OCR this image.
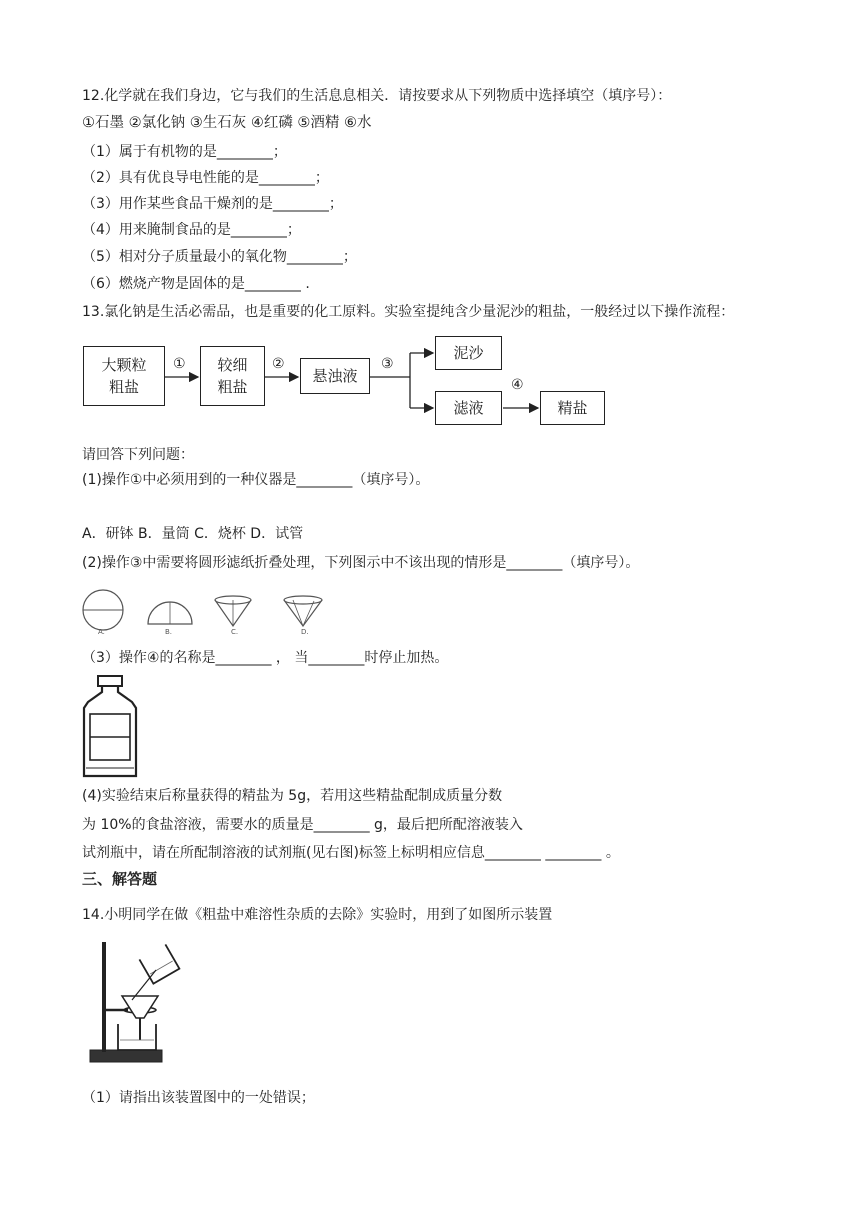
12.化学就在我们身边，它与我们的生活息息相关．请按要求从下列物质中选择填空（填序号）：
①石墨 ②氯化钠 ③生石灰 ④红磷 ⑤酒精 ⑥水
（1）属于有机物的是________；
（2）具有优良导电性能的是________；
（3）用作某些食品干燥剂的是________；
（4）用来腌制食品的是________；
（5）相对分子质量最小的氧化物________；
（6）燃烧产物是固体的是________ .
13.氯化钠是生活必需品，也是重要的化工原料。实验室提纯含少量泥沙的粗盐，一般经过以下操作流程：
大颗粒
粗盐
较细
粗盐
悬浊液
泥沙
滤液	精盐
①	②	③
④
请回答下列问题：
(1)操作①中必须用到的一种仪器是________（填序号）。
A．研钵 B．量筒 C．烧杯 D．试管
(2)操作③中需要将圆形滤纸折叠处理，下列图示中不该出现的情形是________（填序号）。
A.	B.	C.	D.
（3）操作④的名称是________ ， 当________时停止加热。
(4)实验结束后称量获得的精盐为 5g，若用这些精盐配制成质量分数
为 10%的食盐溶液，需要水的质量是________ g，最后把所配溶液装入
试剂瓶中，请在所配制溶液的试剂瓶(见右图)标签上标明相应信息________ ________ 。
三、解答题
14.小明同学在做《粗盐中难溶性杂质的去除》实验时，用到了如图所示装置
（1）请指出该装置图中的一处错误；
